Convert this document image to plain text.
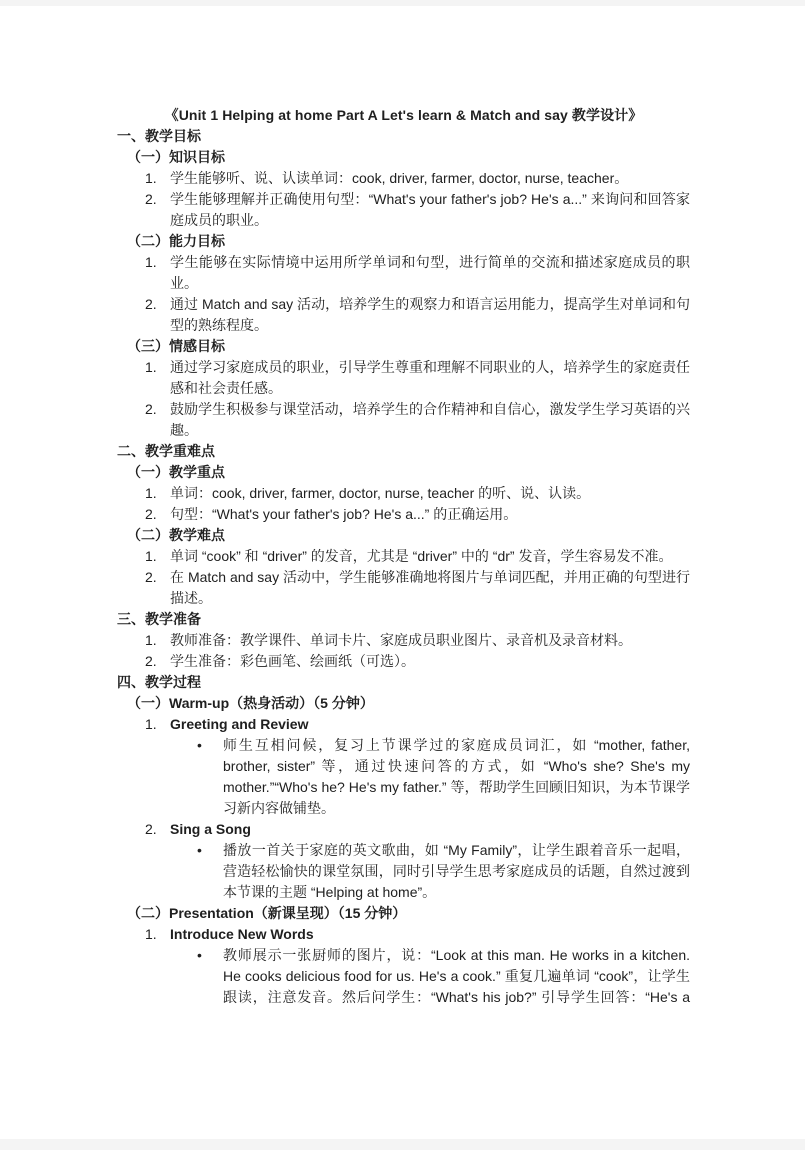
《Unit 1 Helping at home Part A Let's learn & Match and say 教学设计》
一、教学目标
（一）知识目标
1. 学生能够听、说、认读单词：cook, driver, farmer, doctor, nurse, teacher。
2. 学生能够理解并正确使用句型：“What's your father's job? He's a...” 来询问和回答家庭成员的职业。
（二）能力目标
1. 学生能够在实际情境中运用所学单词和句型，进行简单的交流和描述家庭成员的职业。
2. 通过 Match and say 活动，培养学生的观察力和语言运用能力，提高学生对单词和句型的熟练程度。
（三）情感目标
1. 通过学习家庭成员的职业，引导学生尊重和理解不同职业的人，培养学生的家庭责任感和社会责任感。
2. 鼓励学生积极参与课堂活动，培养学生的合作精神和自信心，激发学生学习英语的兴趣。
二、教学重难点
（一）教学重点
1. 单词：cook, driver, farmer, doctor, nurse, teacher 的听、说、认读。
2. 句型：“What's your father's job? He's a...” 的正确运用。
（二）教学难点
1. 单词 “cook” 和 “driver” 的发音，尤其是 “driver” 中的 “dr” 发音，学生容易发不准。
2. 在 Match and say 活动中，学生能够准确地将图片与单词匹配，并用正确的句型进行描述。
三、教学准备
1. 教师准备：教学课件、单词卡片、家庭成员职业图片、录音机及录音材料。
2. 学生准备：彩色画笔、绘画纸（可选）。
四、教学过程
（一）Warm-up（热身活动）（5 分钟）
1. Greeting and Review
•	师生互相问候，复习上节课学过的家庭成员词汇，如 “mother, father, brother, sister” 等，通过快速问答的方式，如 “Who's she? She's my mother.”“Who's he? He's my father.” 等，帮助学生回顾旧知识，为本节课学习新内容做铺垫。
2. Sing a Song
•	播放一首关于家庭的英文歌曲，如 “My Family”，让学生跟着音乐一起唱，营造轻松愉快的课堂氛围，同时引导学生思考家庭成员的话题，自然过渡到本节课的主题 “Helping at home”。
（二）Presentation（新课呈现）（15 分钟）
1. Introduce New Words
•	教师展示一张厨师的图片，说：“Look at this man. He works in a kitchen. He cooks delicious food for us. He's a cook.” 重复几遍单词 “cook”，让学生跟读，注意发音。然后问学生：“What's his job?” 引导学生回答：“He's a
